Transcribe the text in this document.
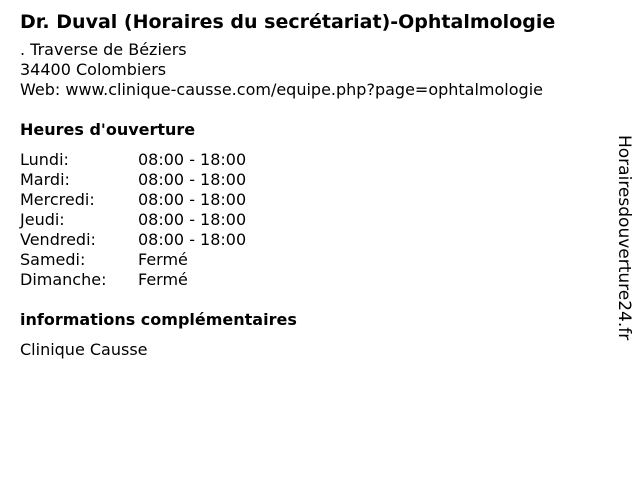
Dr. Duval (Horaires du secrétariat)-Ophtalmologie
. Traverse de Béziers
34400 Colombiers
Web: www.clinique-causse.com/equipe.php?page=ophtalmologie
Heures d'ouverture
Lundi:	08:00 - 18:00
Mardi:	08:00 - 18:00
Mercredi:	08:00 - 18:00
Jeudi:	08:00 - 18:00
Vendredi:	08:00 - 18:00
Samedi:	Fermé
Dimanche:	Fermé
informations complémentaires
Clinique Causse
Horairesdouverture24.fr
